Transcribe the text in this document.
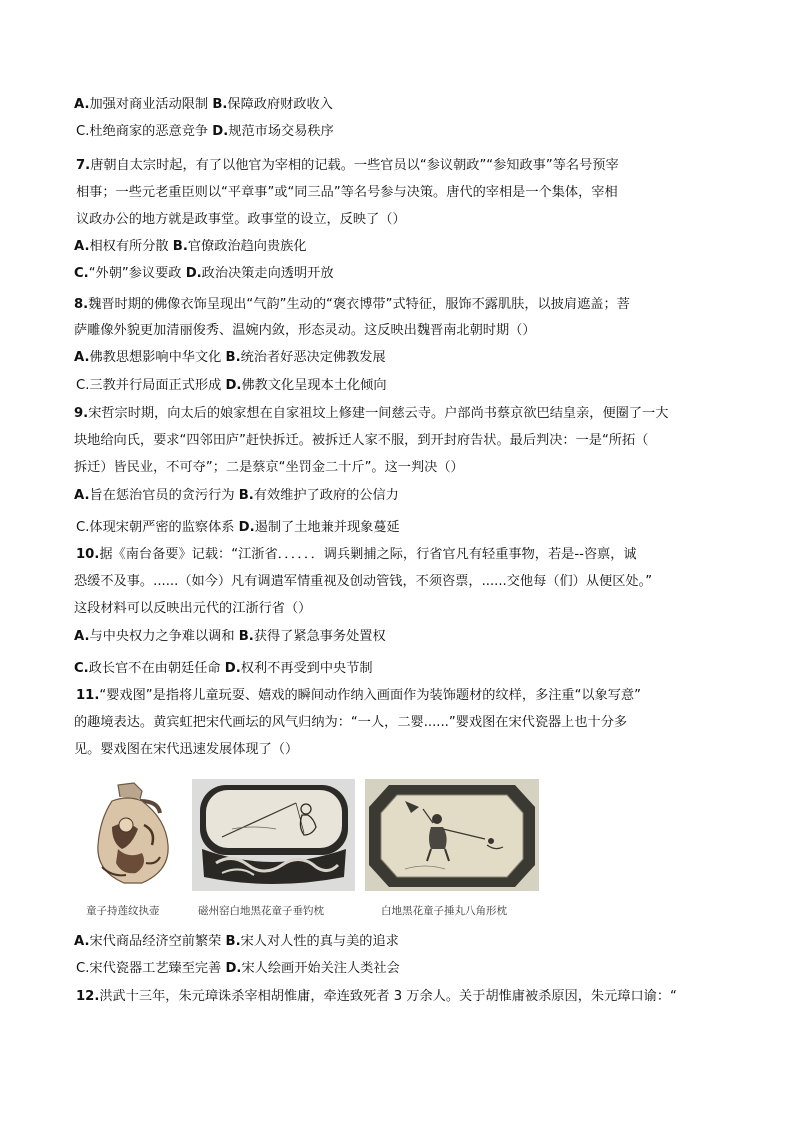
A.加强对商业活动限制 B.保障政府财政收入
C.杜绝商家的恶意竞争 D.规范市场交易秩序
7.唐朝自太宗时起，有了以他官为宰相的记载。一些官员以“参议朝政”“参知政事”等名号预宰
相事；一些元老重臣则以“平章事”或“同三品”等名号参与决策。唐代的宰相是一个集体，宰相
议政办公的地方就是政事堂。政事堂的设立，反映了（）
A.相权有所分散 B.官僚政治趋向贵族化
C.“外朝”参议要政 D.政治决策走向透明开放
8.魏晋时期的佛像衣饰呈现出“气韵”生动的“褒衣博带”式特征，服饰不露肌肤，以披肩遮盖；菩
萨雕像外貌更加清丽俊秀、温婉内敛，形态灵动。这反映出魏晋南北朝时期（）
A.佛教思想影响中华文化 B.统治者好恶决定佛教发展
C.三教并行局面正式形成 D.佛教文化呈现本土化倾向
9.宋哲宗时期，向太后的娘家想在自家祖坟上修建一间慈云寺。户部尚书蔡京欲巴结皇亲，便圈了一大
块地给向氏，要求“四邻田庐”赶快拆迁。被拆迁人家不服，到开封府告状。最后判决：一是“所拓（
拆迁）皆民业，不可夺”；二是蔡京“坐罚金二十斤”。这一判决（）
A.旨在惩治官员的贪污行为 B.有效维护了政府的公信力
C.体现宋朝严密的监察体系 D.遏制了土地兼并现象蔓延
10.据《南台备要》记载：“江浙省．．．．．．调兵剿捕之际，行省官凡有轻重事物，若是--咨禀，诚
恐缓不及事。......（如今）凡有调遣军情重视及创动管钱，不须咨票，......交他每（们）从便区处。”
这段材料可以反映出元代的江浙行省（）
A.与中央权力之争难以调和 B.获得了紧急事务处置权
C.政长官不在由朝廷任命 D.权利不再受到中央节制
11.“婴戏图”是指将儿童玩耍、嬉戏的瞬间动作纳入画面作为装饰题材的纹样，多注重“以象写意”
的趣境表达。黄宾虹把宋代画坛的风气归纳为：“一人，二婴......”婴戏图在宋代瓷器上也十分多
见。婴戏图在宋代迅速发展体现了（）
童子持莲纹执壶	磁州窑白地黑花童子垂钓枕	白地黑花童子捶丸八角形枕
A.宋代商品经济空前繁荣 B.宋人对人性的真与美的追求
C.宋代瓷器工艺臻至完善 D.宋人绘画开始关注人类社会
12.洪武十三年，朱元璋诛杀宰相胡惟庸，牵连致死者 3 万余人。关于胡惟庸被杀原因，朱元璋口谕：“
